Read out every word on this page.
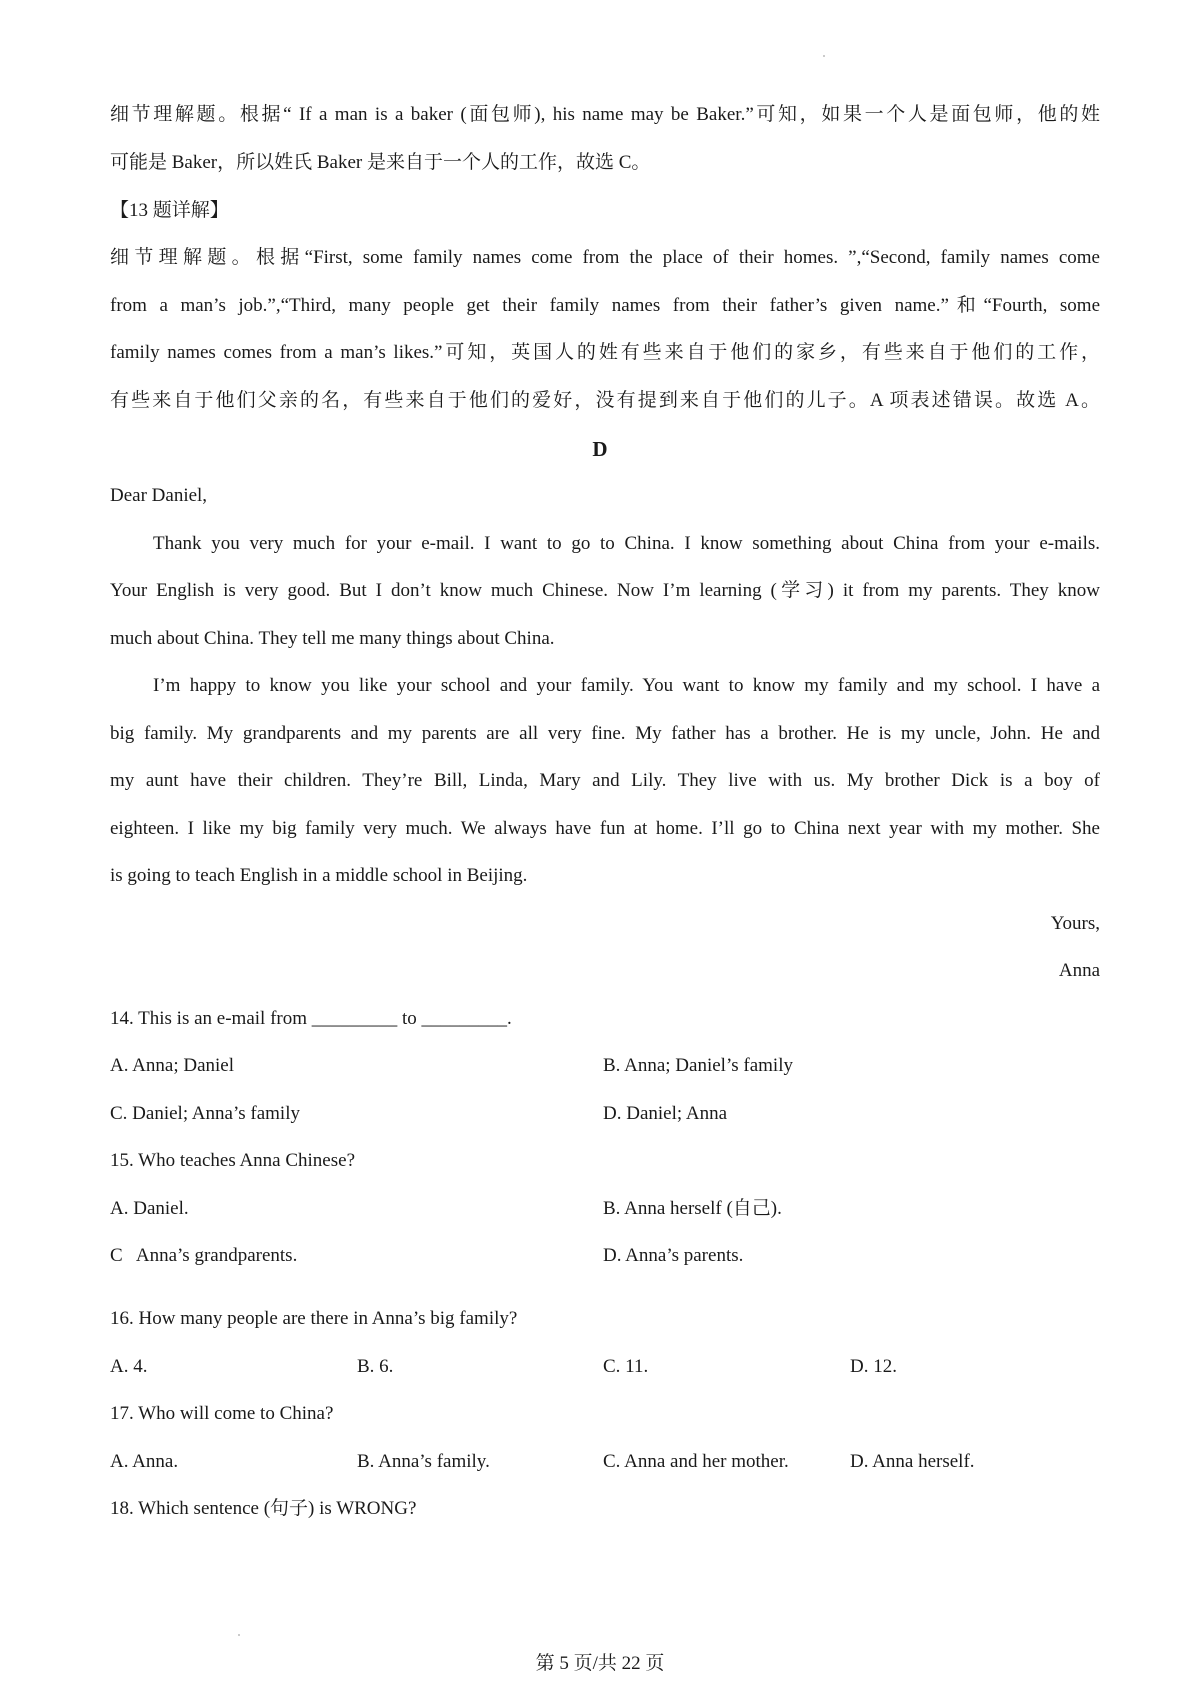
细节理解题。根据“ If a man is a baker (面包师), his name may be Baker.”可知，如果一个人是面包师，他的姓
可能是 Baker，所以姓氏 Baker 是来自于一个人的工作，故选 C。
【13 题详解】
细节理解题。根据“First, some family names come from the place of their homes. ”,“Second, family names come
from a man’s job.”,“Third, many people get their family names from their father’s given name.”和“Fourth, some
family names comes from a man’s likes.”可知，英国人的姓有些来自于他们的家乡，有些来自于他们的工作，
有些来自于他们父亲的名，有些来自于他们的爱好，没有提到来自于他们的儿子。A 项表述错误。故选 A。
D
Dear Daniel,
Thank you very much for your e-mail. I want to go to China. I know something about China from your e-mails.
Your English is very good. But I don’t know much Chinese. Now I’m learning (学习) it from my parents. They know
much about China. They tell me many things about China.
I’m happy to know you like your school and your family. You want to know my family and my school. I have a
big family. My grandparents and my parents are all very fine. My father has a brother. He is my uncle, John. He and
my aunt have their children. They’re Bill, Linda, Mary and Lily. They live with us. My brother Dick is a boy of
eighteen. I like my big family very much. We always have fun at home. I’ll go to China next year with my mother. She
is going to teach English in a middle school in Beijing.
Yours,
Anna
14. This is an e-mail from _________ to _________.
A. Anna; Daniel	B. Anna; Daniel’s family
C. Daniel; Anna’s family	D. Daniel; Anna
15. Who teaches Anna Chinese?
A. Daniel.	B. Anna herself (自己).
C   Anna’s grandparents.	D. Anna’s parents.
16. How many people are there in Anna’s big family?
A. 4.	B. 6.	C. 11.	D. 12.
17. Who will come to China?
A. Anna.	B. Anna’s family.	C. Anna and her mother.	D. Anna herself.
18. Which sentence (句子) is WRONG?
第 5 页/共 22 页
